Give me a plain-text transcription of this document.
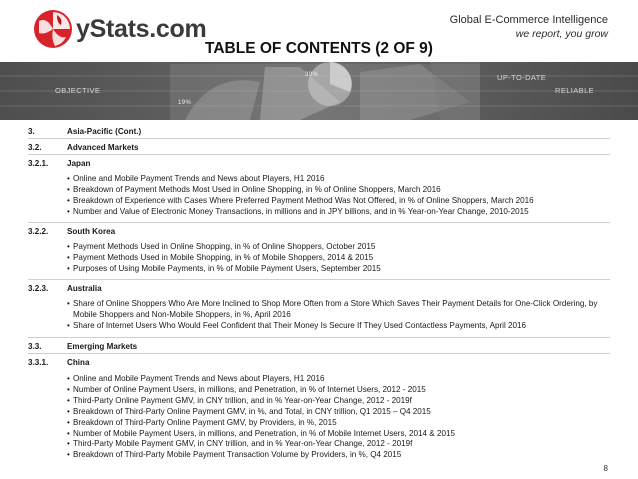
yStats.com	Global E-Commerce Intelligence
we report, you grow
TABLE OF CONTENTS (2 OF 9)
OBJECTIVE
UP-TO-DATE
RELIABLE
39%
19%
3.	Asia-Pacific (Cont.)
3.2.	Advanced Markets
3.2.1. Japan
• Online and Mobile Payment Trends and News about Players, H1 2016
• Breakdown of Payment Methods Most Used in Online Shopping, in % of Online Shoppers, March 2016
• Breakdown of Experience with Cases Where Preferred Payment Method Was Not Offered, in % of Online Shoppers, March 2016
• Number and Value of Electronic Money Transactions, in millions and in JPY billions, and in % Year-on-Year Change, 2010-2015
3.2.2. South Korea
• Payment Methods Used in Online Shopping, in % of Online Shoppers, October 2015
• Payment Methods Used in Mobile Shopping, in % of Mobile Shoppers, 2014 & 2015
• Purposes of Using Mobile Payments, in % of Mobile Payment Users, September 2015
3.2.3. Australia
• Share of Online Shoppers Who Are More Inclined to Shop More Often from a Store Which Saves Their Payment Details for One-Click Ordering, by Mobile Shoppers and Non-Mobile Shoppers, in %, April 2016
• Share of Internet Users Who Would Feel Confident that Their Money Is Secure If They Used Contactless Payments, April 2016
3.3.	Emerging Markets
3.3.1. China
• Online and Mobile Payment Trends and News about Players, H1 2016
• Number of Online Payment Users, in millions, and Penetration, in % of Internet Users, 2012 - 2015
• Third-Party Online Payment GMV, in CNY trillion, and in % Year-on-Year Change, 2012 - 2019f
• Breakdown of Third-Party Online Payment GMV, in %, and Total, in CNY trillion, Q1 2015 – Q4 2015
• Breakdown of Third-Party Online Payment GMV, by Providers, in %, 2015
• Number of Mobile Payment Users, in millions, and Penetration, in % of Mobile Internet Users, 2014 & 2015
• Third-Party Mobile Payment GMV, in CNY trillion, and in % Year-on-Year Change, 2012 - 2019f
• Breakdown of Third-Party Mobile Payment Transaction Volume by Providers, in %, Q4 2015
8
